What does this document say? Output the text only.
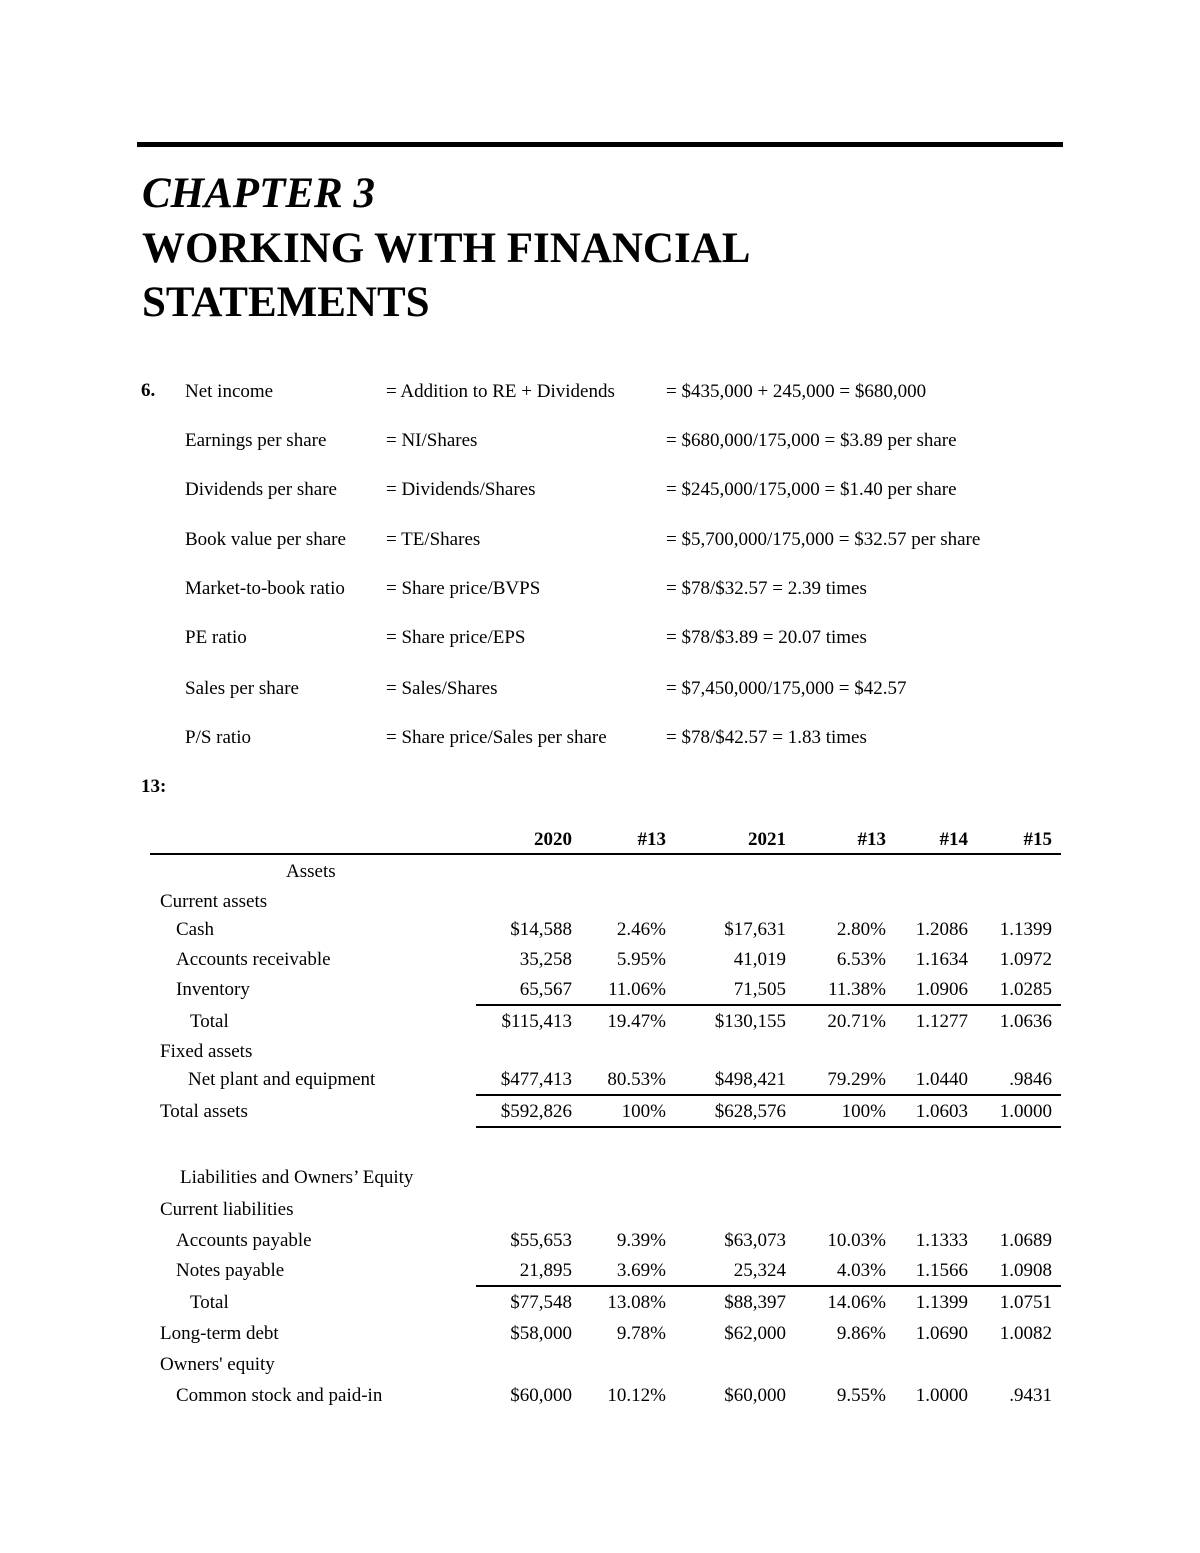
CHAPTER 3
WORKING WITH FINANCIAL STATEMENTS
6. Net income	= Addition to RE + Dividends	= $435,000 + 245,000 = $680,000
Earnings per share	= NI/Shares	= $680,000/175,000 = $3.89 per share
Dividends per share	= Dividends/Shares	= $245,000/175,000 = $1.40 per share
Book value per share = TE/Shares	= $5,700,000/175,000 = $32.57 per share
Market-to-book ratio = Share price/BVPS	= $78/$32.57 = 2.39 times
PE ratio	= Share price/EPS	= $78/$3.89 = 20.07 times
Sales per share	= Sales/Shares	= $7,450,000/175,000 = $42.57
P/S ratio	= Share price/Sales per share	= $78/$42.57 = 1.83 times
13:
2020	#13	2021	#13	#14	#15
Assets
Current assets
Cash	$14,588	2.46%	$17,631	2.80%	1.2086	1.1399
Accounts receivable	35,258	5.95%	41,019	6.53%	1.1634	1.0972
Inventory	65,567	11.06%	71,505	11.38%	1.0906	1.0285
Total	$115,413	19.47%	$130,155	20.71%	1.1277	1.0636
Fixed assets
Net plant and equipment	$477,413	80.53%	$498,421	79.29%	1.0440	.9846
Total assets	$592,826	100%	$628,576	100%	1.0603	1.0000
Liabilities and Owners’ Equity
Current liabilities
Accounts payable	$55,653	9.39%	$63,073	10.03%	1.1333	1.0689
Notes payable	21,895	3.69%	25,324	4.03%	1.1566	1.0908
Total	$77,548	13.08%	$88,397	14.06%	1.1399	1.0751
Long-term debt	$58,000	9.78%	$62,000	9.86%	1.0690	1.0082
Owners' equity
Common stock and paid-in	$60,000	10.12%	$60,000	9.55%	1.0000	.9431
